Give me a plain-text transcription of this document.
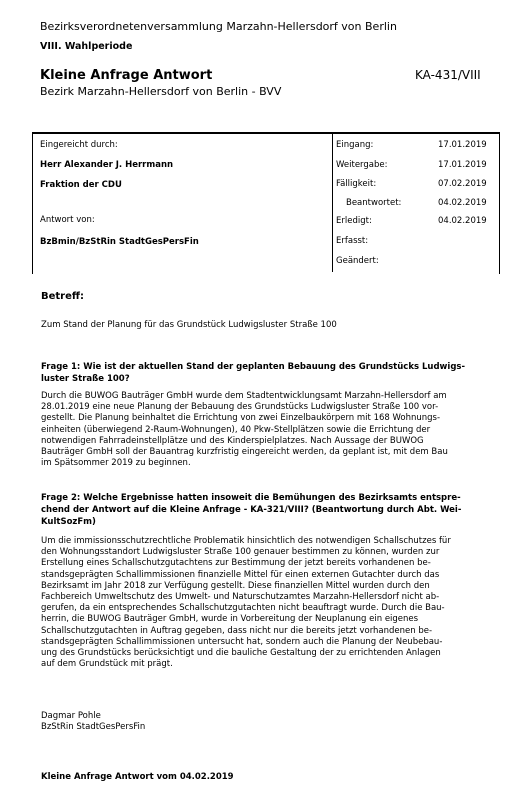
Bezirksverordnetenversammlung Marzahn-Hellersdorf von Berlin
VIII. Wahlperiode
Kleine Anfrage Antwort	KA-431/VIII
Bezirk Marzahn-Hellersdorf von Berlin - BVV
Eingereicht durch:
Herr Alexander J. Herrmann
Fraktion der CDU
Antwort von:
BzBmin/BzStRin StadtGesPersFin
Eingang:	17.01.2019
Weitergabe:	17.01.2019
Fälligkeit:	07.02.2019
Beantwortet:	04.02.2019
Erledigt:	04.02.2019
Erfasst:
Geändert:
Betreff:
Zum Stand der Planung für das Grundstück Ludwigsluster Straße 100
Frage 1: Wie ist der aktuellen Stand der geplanten Bebauung des Grundstücks Ludwigs-
luster Straße 100?
Durch die BUWOG Bauträger GmbH wurde dem Stadtentwicklungsamt Marzahn-Hellersdorf am
28.01.2019 eine neue Planung der Bebauung des Grundstücks Ludwigsluster Straße 100 vor-
gestellt. Die Planung beinhaltet die Errichtung von zwei Einzelbaukörpern mit 168 Wohnungs-
einheiten (überwiegend 2-Raum-Wohnungen), 40 Pkw-Stellplätzen sowie die Errichtung der
notwendigen Fahrradeinstellplätze und des Kinderspielplatzes. Nach Aussage der BUWOG
Bauträger GmbH soll der Bauantrag kurzfristig eingereicht werden, da geplant ist, mit dem Bau
im Spätsommer 2019 zu beginnen.
Frage 2: Welche Ergebnisse hatten insoweit die Bemühungen des Bezirksamts entspre-
chend der Antwort auf die Kleine Anfrage - KA-321/VIII? (Beantwortung durch Abt. Wei-
KultSozFm)
Um die immissionsschutzrechtliche Problematik hinsichtlich des notwendigen Schallschutzes für
den Wohnungsstandort Ludwigsluster Straße 100 genauer bestimmen zu können, wurden zur
Erstellung eines Schallschutzgutachtens zur Bestimmung der jetzt bereits vorhandenen be-
standsgeprägten Schallimmissionen finanzielle Mittel für einen externen Gutachter durch das
Bezirksamt im Jahr 2018 zur Verfügung gestellt. Diese finanziellen Mittel wurden durch den
Fachbereich Umweltschutz des Umwelt- und Naturschutzamtes Marzahn-Hellersdorf nicht ab-
gerufen, da ein entsprechendes Schallschutzgutachten nicht beauftragt wurde. Durch die Bau-
herrin, die BUWOG Bauträger GmbH, wurde in Vorbereitung der Neuplanung ein eigenes
Schallschutzgutachten in Auftrag gegeben, dass nicht nur die bereits jetzt vorhandenen be-
standsgeprägten Schallimmissionen untersucht hat, sondern auch die Planung der Neubebau-
ung des Grundstücks berücksichtigt und die bauliche Gestaltung der zu errichtenden Anlagen
auf dem Grundstück mit prägt.
Dagmar Pohle
BzStRin StadtGesPersFin
Kleine Anfrage Antwort vom 04.02.2019
